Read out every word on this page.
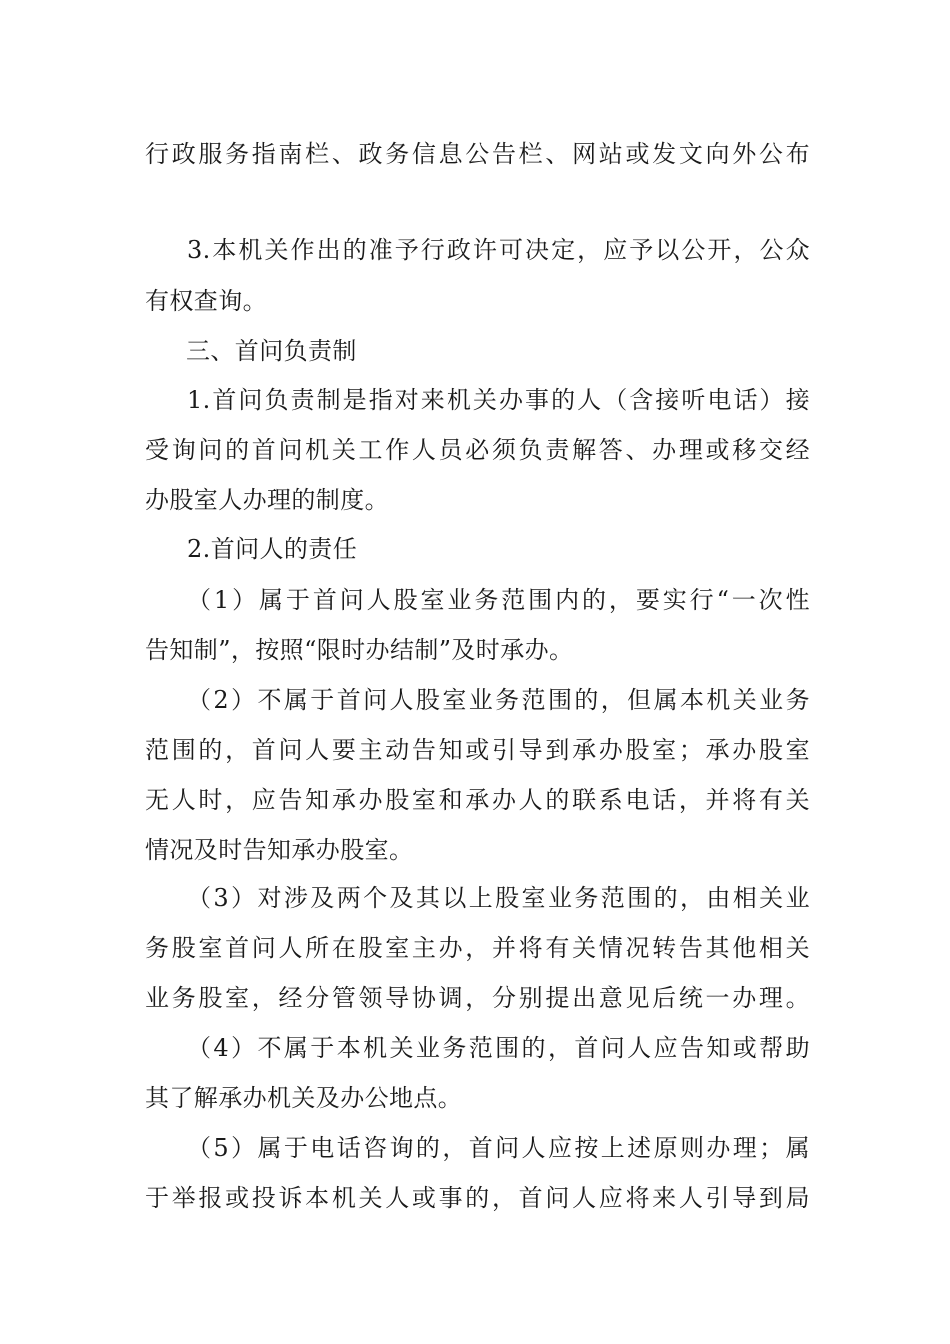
行政服务指南栏、政务信息公告栏、网站或发文向外公布
3.本机关作出的准予行政许可决定，应予以公开，公众
有权查询。
三、首问负责制
1.首问负责制是指对来机关办事的人（含接听电话）接
受询问的首问机关工作人员必须负责解答、办理或移交经
办股室人办理的制度。
2.首问人的责任
（1）属于首问人股室业务范围内的，要实行“一次性
告知制”，按照“限时办结制”及时承办。
（2）不属于首问人股室业务范围的，但属本机关业务
范围的，首问人要主动告知或引导到承办股室；承办股室
无人时，应告知承办股室和承办人的联系电话，并将有关
情况及时告知承办股室。
（3）对涉及两个及其以上股室业务范围的，由相关业
务股室首问人所在股室主办，并将有关情况转告其他相关
业务股室，经分管领导协调，分别提出意见后统一办理。
（4）不属于本机关业务范围的，首问人应告知或帮助
其了解承办机关及办公地点。
（5）属于电话咨询的，首问人应按上述原则办理；属
于举报或投诉本机关人或事的，首问人应将来人引导到局
